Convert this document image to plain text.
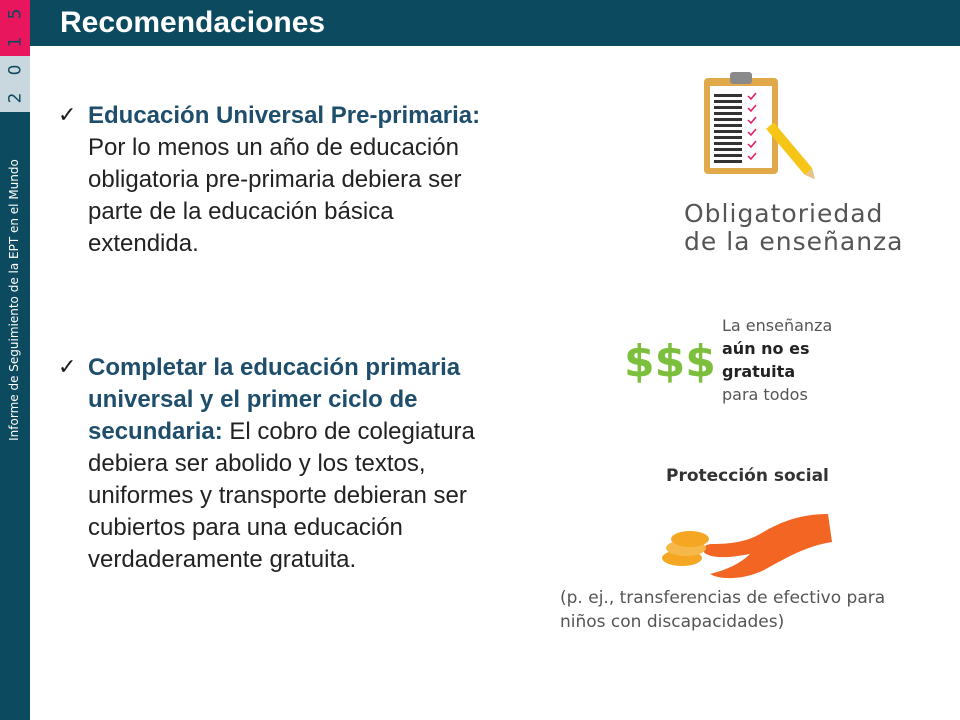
5
1
0
2
Informe de Seguimiento de la EPT en el Mundo
Recomendaciones
✓ Educación Universal Pre-primaria: Por lo menos un año de educación obligatoria pre-primaria debiera ser parte de la educación básica extendida.
✓ Completar la educación primaria universal y el primer ciclo de secundaria: El cobro de colegiatura debiera ser abolido y los textos, uniformes y transporte debieran ser cubiertos para una educación verdaderamente gratuita.
Obligatoriedad
de la enseñanza
$$$
La enseñanza
aún no es
gratuita
para todos
Protección social
(p. ej., transferencias de efectivo para
niños con discapacidades)
